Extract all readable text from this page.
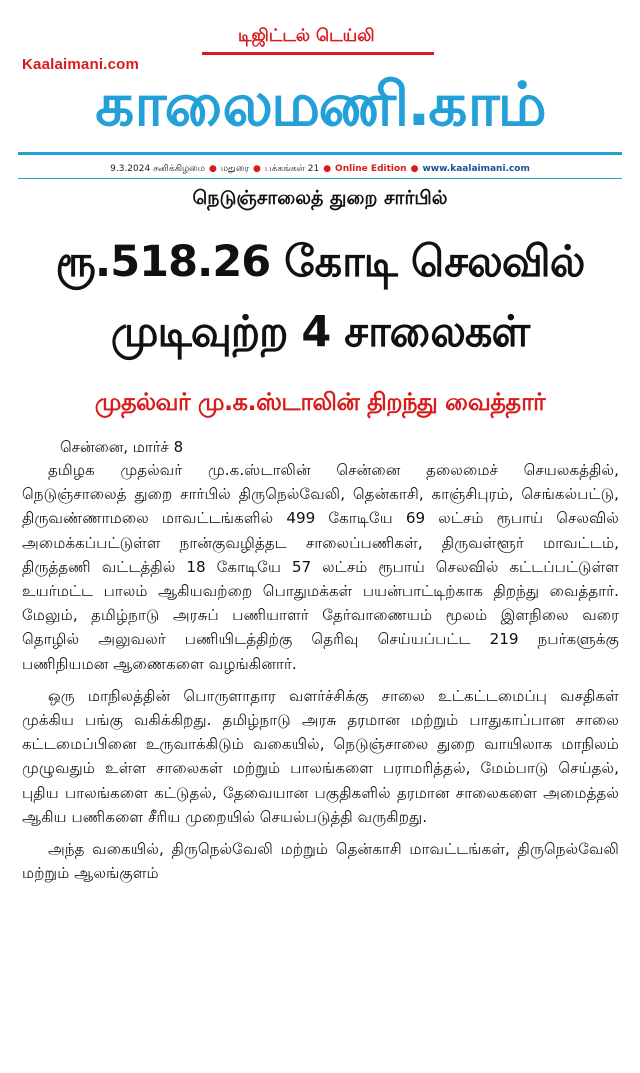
டிஜிட்டல் டெய்லி
Kaalaimani.com
காலைமணி.காம்
9.3.2024 சனிக்கிழமை ● மதுரை ● பக்கங்கள் 21 ● Online Edition ● www.kaalaimani.com
நெடுஞ்சாலைத் துறை சார்பில்
ரூ.518.26 கோடி செலவில்
முடிவுற்ற 4 சாலைகள்
முதல்வர் மு.க.ஸ்டாலின் திறந்து வைத்தார்
சென்னை, மார்ச் 8

தமிழக முதல்வர் மு.க.ஸ்டாலின் சென்னை தலைமைச் செயலகத்தில், நெடுஞ்சாலைத் துறை சார்பில் திருநெல்வேலி, தென்காசி, காஞ்சிபுரம், செங்கல்பட்டு, திருவண்ணாமலை மாவட்டங்களில் 499 கோடியே 69 லட்சம் ரூபாய் செலவில் அமைக்கப்பட்டுள்ள நான்குவழித்தட சாலைப்பணிகள், திருவள்ளூர் மாவட்டம், திருத்தணி வட்டத்தில் 18 கோடியே 57 லட்சம் ரூபாய் செலவில் கட்டப்பட்டுள்ள உயர்மட்ட பாலம் ஆகியவற்றை பொதுமக்கள் பயன்பாட்டிற்காக திறந்து வைத்தார். மேலும், தமிழ்நாடு அரசுப் பணியாளர் தேர்வாணையம் மூலம் இளநிலை வரை தொழில் அலுவலர் பணியிடத்திற்கு தெரிவு செய்யப்பட்ட 219 நபர்களுக்கு பணிநியமன ஆணைகளை வழங்கினார்.

ஒரு மாநிலத்தின் பொருளாதார வளர்ச்சிக்கு சாலை உட்கட்டமைப்பு வசதிகள் முக்கிய பங்கு வகிக்கிறது. தமிழ்நாடு அரசு தரமான மற்றும் பாதுகாப்பான சாலை கட்டமைப்பினை உருவாக்கிடும் வகையில், நெடுஞ்சாலை துறை வாயிலாக மாநிலம் முழுவதும் உள்ள சாலைகள் மற்றும் பாலங்களை பராமரித்தல், மேம்பாடு செய்தல், புதிய பாலங்களை கட்டுதல், தேவையான பகுதிகளில் தரமான சாலைகளை அமைத்தல் ஆகிய பணிகளை சீரிய முறையில் செயல்படுத்தி வருகிறது.

அந்த வகையில், திருநெல்வேலி மற்றும் தென்காசி மாவட்டங்கள், திருநெல்வேலி மற்றும் ஆலங்குளம்
